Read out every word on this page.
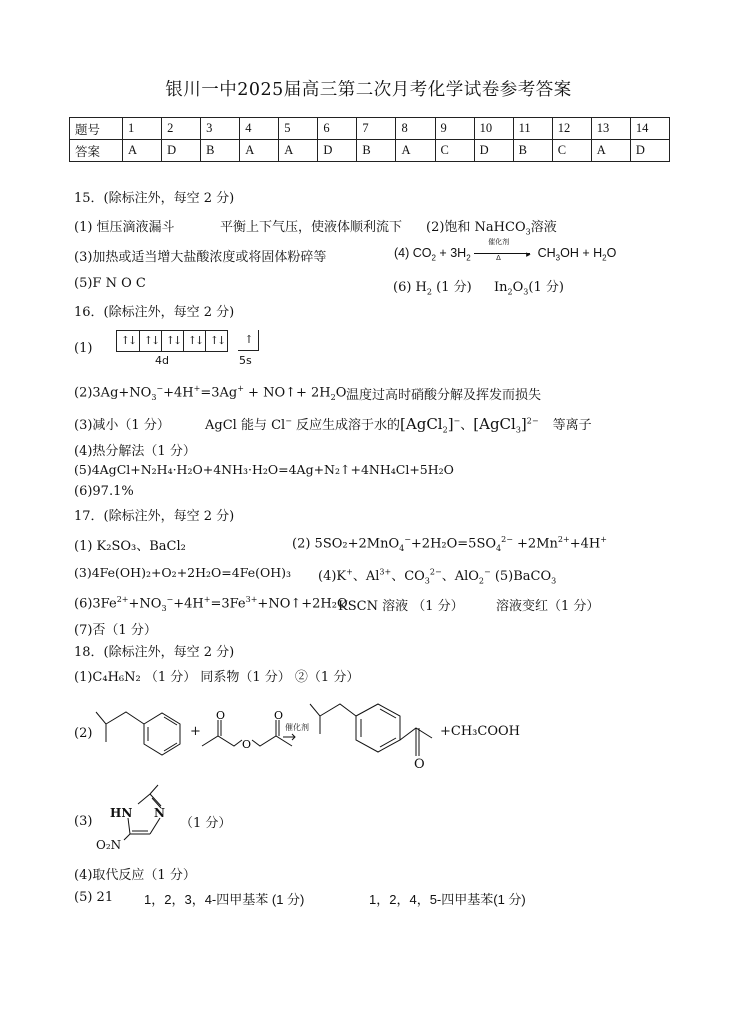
银川一中2025届高三第二次月考化学试卷参考答案
题号	1	2	3	4	5	6	7	8	9	10	11	12	13	14
答案	A	D	B	A	A	D	B	A	C	D	B	C	A	D
15．(除标注外，每空 2 分)
(1) 恒压滴液漏斗	平衡上下气压，使液体顺利流下 (2)饱和 NaHCO$_3$溶液
(3)加热或适当增大盐酸浓度或将固体粉碎等	(4) $CO_2 + 3H_2$
催化剂
▸
Δ	$CH_3OH + H_2O$
(5)F N O C	(6) $H_2$ (1 分) $In_2O_3(1$ 分)
16．(除标注外，每空 2 分)
(1)
↑↓ ↑↓ ↑↓ ↑↓ ↑↓
4d
↑
5s
$(2)3Ag+NO_3^-+4H^+=3Ag^+$ + NO↑+ $2H_2O$ 温度过高时硝酸分解及挥发而损失
(3)减小（1 分）	AgCl 能与 Cl− 反应生成溶于水的[AgCl$_2$]−、[AgCl$_3$]$^{2-}$ 等离子
(4)热分解法（1 分）
(5)4AgCl+N₂H₄·H₂O+4NH₃·H₂O=4Ag+N₂↑+4NH₄Cl+5H₂O
(6)97.1%
17．(除标注外，每空 2 分)
(1) K₂SO₃、BaCl₂	(2) $5SO_2+2MnO_4^-+2H_2O=5SO_4^{2-} +2Mn^{2+}+4H^+$
(3)4Fe(OH)₂+O₂+2H₂O=4Fe(OH)₃ (4)K+、$Al^{3+}$、$CO_3^{2-}$、AlO$_2$− (5)BaCO$_3$
$(6)3Fe^{2+}+NO_3^-+4H^+=3Fe^{3+}+NO↑+2H_2O$
KSCN 溶液 （1 分） 溶液变红（1 分）
(7)否（1 分）
18．(除标注外，每空 2 分)
(1)C₄H₆N₂ （1 分） 同系物（1 分） ②（1 分）
(2)	+
O	O
O
催化剂
O
+CH₃COOH
(3)
HN N
O₂N
（1 分）
(4)取代反应（1 分）
(5) 21 1，2，3，4-四甲基苯 (1 分)	1，2，4，5-四甲基苯(1 分)
